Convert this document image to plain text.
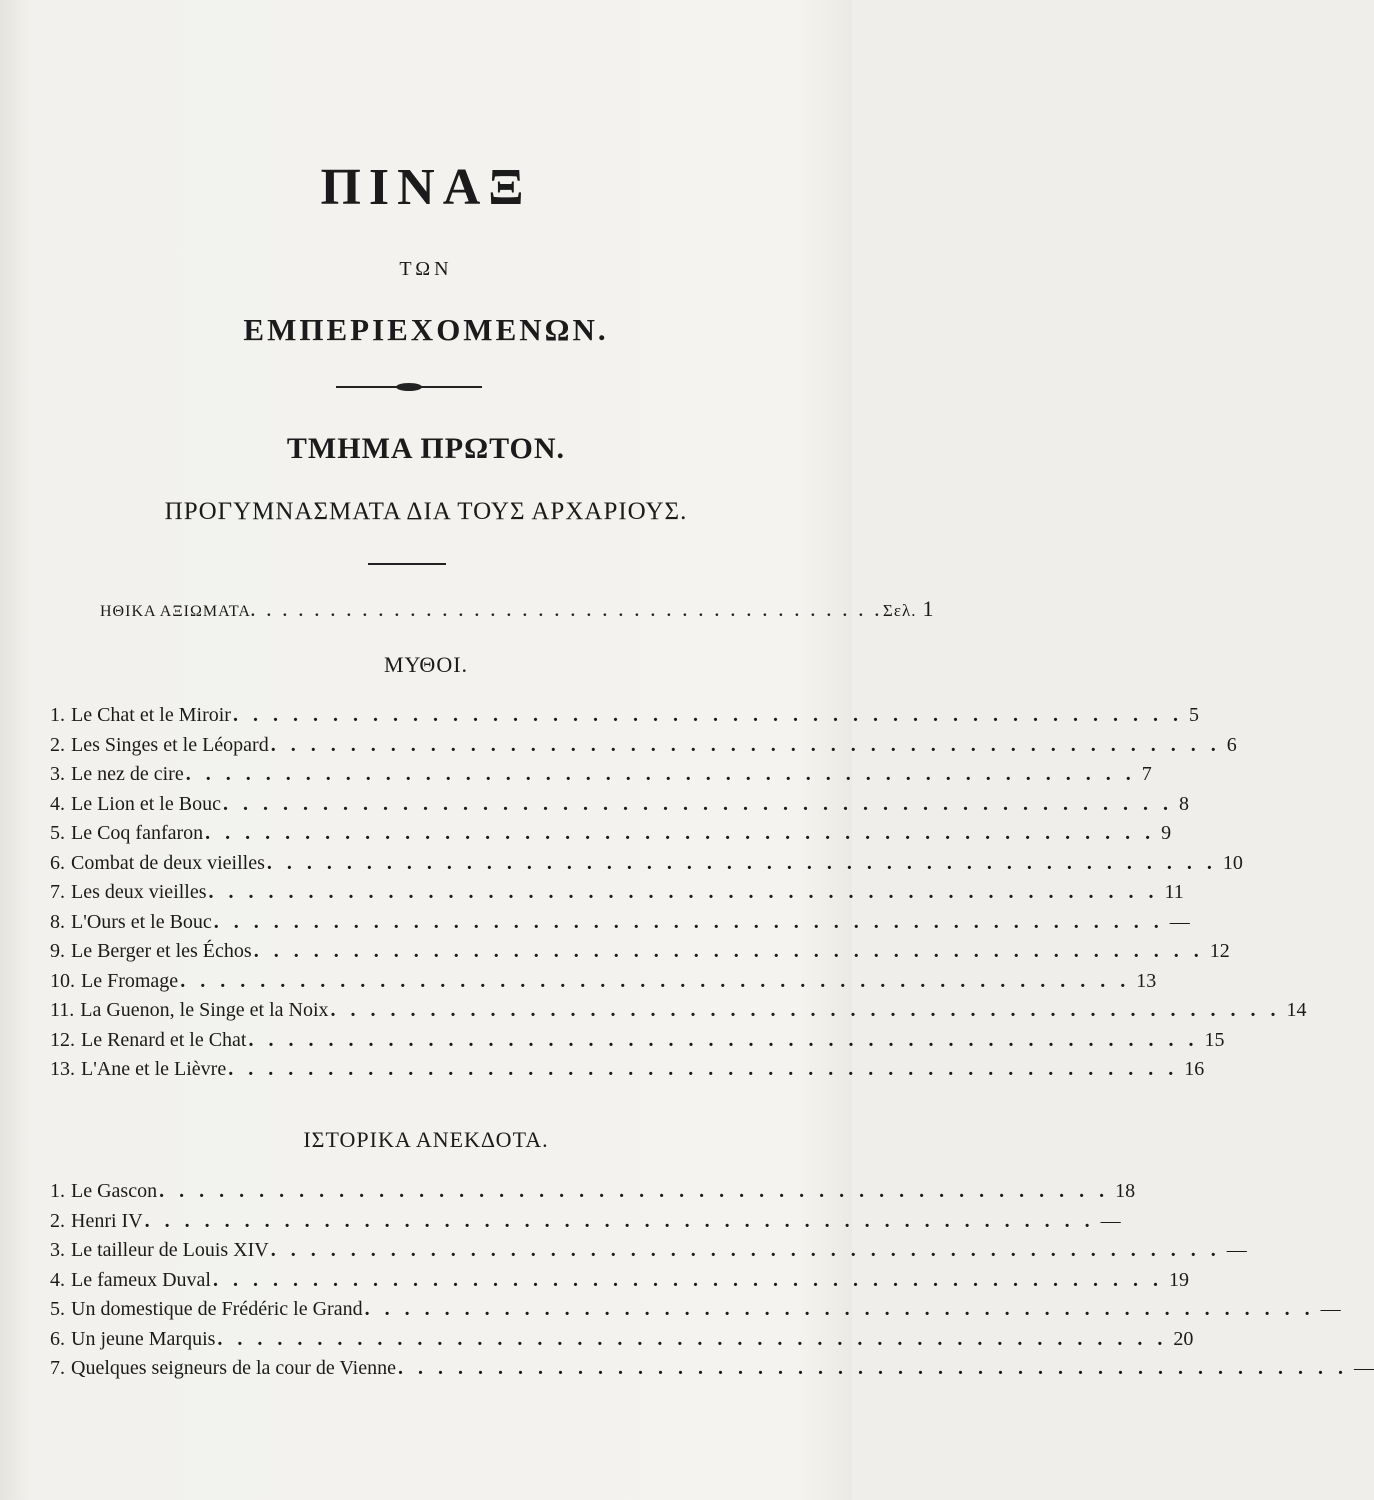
ΠΙΝΑΞ
ΤΩΝ
ΕΜΠΕΡΙΕΧΟΜΕΝΩΝ.
ΤΜΗΜΑ ΠΡΩΤΟΝ.
ΠΡΟΓΥΜΝΑΣΜΑΤΑ ΔΙΑ ΤΟΥΣ ΑΡΧΑΡΙΟΥΣ.
ΗΘΙΚΑ ΑΞΙΩΜΑΤΑ . . . . . . . . . . . . . . . . . . . . . . . . . . . . . . . . . . . . . . . . Σελ. 1
ΜΥΘΟΙ.
1. Le Chat et le Miroir . . . . . . . . . . . . . . . . . . . . . . . . . . . . . . . . . . . . . . . . . . . . . . . . 5
2. Les Singes et le Léopard . . . . . . . . . . . . . . . . . . . . . . . . . . . . . . . . . . . . . . . . . . . . . . . . 6
3. Le nez de cire . . . . . . . . . . . . . . . . . . . . . . . . . . . . . . . . . . . . . . . . . . . . . . . . 7
4. Le Lion et le Bouc . . . . . . . . . . . . . . . . . . . . . . . . . . . . . . . . . . . . . . . . . . . . . . . . 8
5. Le Coq fanfaron . . . . . . . . . . . . . . . . . . . . . . . . . . . . . . . . . . . . . . . . . . . . . . . . 9
6. Combat de deux vieilles . . . . . . . . . . . . . . . . . . . . . . . . . . . . . . . . . . . . . . . . . . . . . . . . 10
7. Les deux vieilles . . . . . . . . . . . . . . . . . . . . . . . . . . . . . . . . . . . . . . . . . . . . . . . . 11
8. L'Ours et le Bouc . . . . . . . . . . . . . . . . . . . . . . . . . . . . . . . . . . . . . . . . . . . . . . . . —
9. Le Berger et les Échos . . . . . . . . . . . . . . . . . . . . . . . . . . . . . . . . . . . . . . . . . . . . . . . . 12
10. Le Fromage . . . . . . . . . . . . . . . . . . . . . . . . . . . . . . . . . . . . . . . . . . . . . . . . 13
11. La Guenon, le Singe et la Noix . . . . . . . . . . . . . . . . . . . . . . . . . . . . . . . . . . . . . . . . . . . . . . . . 14
12. Le Renard et le Chat . . . . . . . . . . . . . . . . . . . . . . . . . . . . . . . . . . . . . . . . . . . . . . . . 15
13. L'Ane et le Lièvre . . . . . . . . . . . . . . . . . . . . . . . . . . . . . . . . . . . . . . . . . . . . . . . . 16
ΙΣΤΟΡΙΚΑ ΑΝΕΚΔΟΤΑ.
1. Le Gascon . . . . . . . . . . . . . . . . . . . . . . . . . . . . . . . . . . . . . . . . . . . . . . . . 18
2. Henri IV . . . . . . . . . . . . . . . . . . . . . . . . . . . . . . . . . . . . . . . . . . . . . . . . —
3. Le tailleur de Louis XIV . . . . . . . . . . . . . . . . . . . . . . . . . . . . . . . . . . . . . . . . . . . . . . . . —
4. Le fameux Duval . . . . . . . . . . . . . . . . . . . . . . . . . . . . . . . . . . . . . . . . . . . . . . . . 19
5. Un domestique de Frédéric le Grand . . . . . . . . . . . . . . . . . . . . . . . . . . . . . . . . . . . . . . . . . . . . . . . . —
6. Un jeune Marquis . . . . . . . . . . . . . . . . . . . . . . . . . . . . . . . . . . . . . . . . . . . . . . . . 20
7. Quelques seigneurs de la cour de Vienne . . . . . . . . . . . . . . . . . . . . . . . . . . . . . . . . . . . . . . . . . . . . . . . . —
